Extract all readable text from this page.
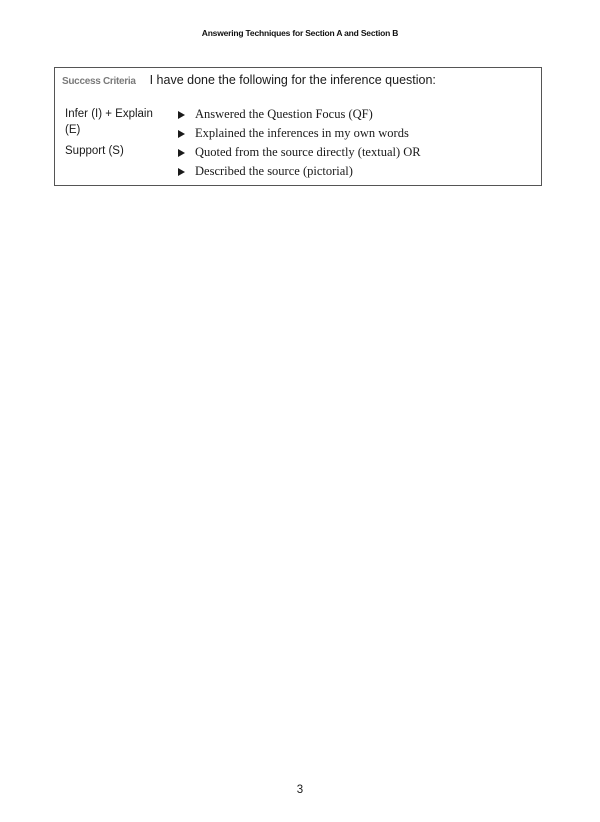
Answering Techniques for Section A and Section B
Success Criteria I have done the following for the inference question:
Infer (I) + Explain (E)
Support (S)
Answered the Question Focus (QF)
Explained the inferences in my own words
Quoted from the source directly (textual) OR
Described the source (pictorial)
3
